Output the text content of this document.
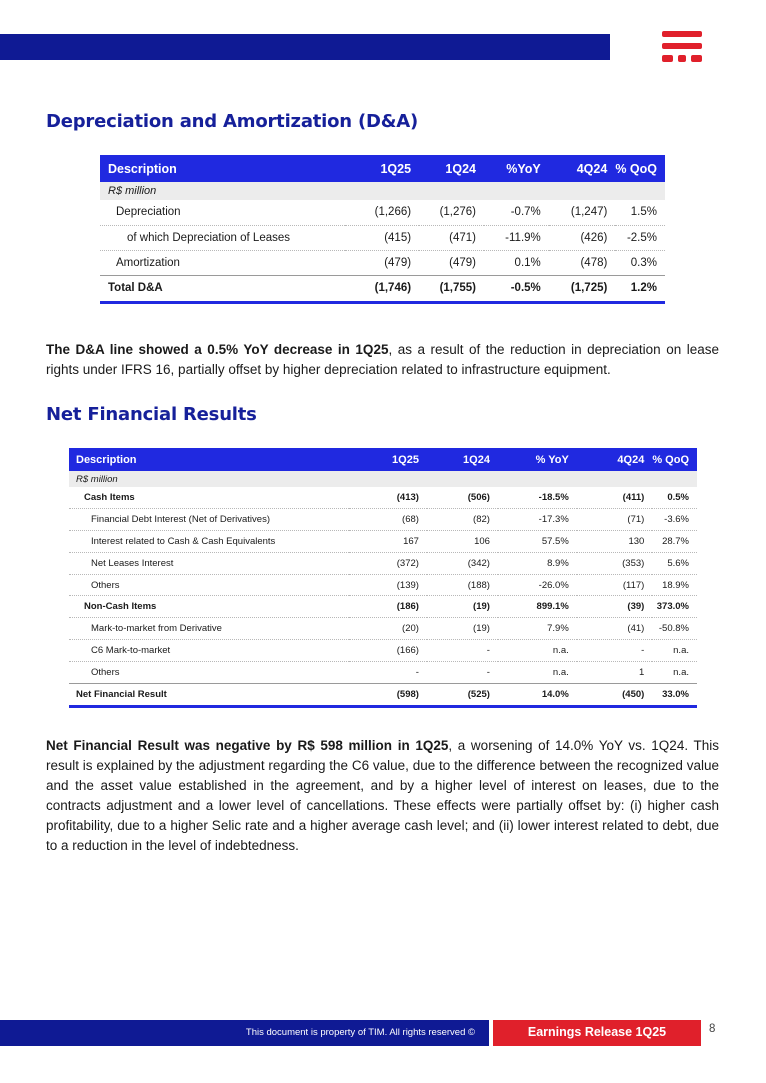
Depreciation and Amortization (D&A)
Description	1Q25	1Q24	%YoY	4Q24	% QoQ
R$ million					
Depreciation	(1,266)	(1,276)	-0.7%	(1,247)	1.5%
of which Depreciation of Leases	(415)	(471)	-11.9%	(426)	-2.5%
Amortization	(479)	(479)	0.1%	(478)	0.3%
Total D&A	(1,746)	(1,755)	-0.5%	(1,725)	1.2%

The D&A line showed a 0.5% YoY decrease in 1Q25, as a result of the reduction in depreciation on lease rights under IFRS 16, partially offset by higher depreciation related to infrastructure equipment.

Net Financial Results
Description	1Q25	1Q24	% YoY	4Q24	% QoQ
R$ million					
Cash Items	(413)	(506)	-18.5%	(411)	0.5%
Financial Debt Interest (Net of Derivatives)	(68)	(82)	-17.3%	(71)	-3.6%
Interest related to Cash & Cash Equivalents	167	106	57.5%	130	28.7%
Net Leases Interest	(372)	(342)	8.9%	(353)	5.6%
Others	(139)	(188)	-26.0%	(117)	18.9%
Non-Cash Items	(186)	(19)	899.1%	(39)	373.0%
Mark-to-market from Derivative	(20)	(19)	7.9%	(41)	-50.8%
C6 Mark-to-market	(166)	-	n.a.	-	n.a.
Others	-	-	n.a.	1	n.a.
Net Financial Result	(598)	(525)	14.0%	(450)	33.0%

Net Financial Result was negative by R$ 598 million in 1Q25, a worsening of 14.0% YoY vs. 1Q24. This result is explained by the adjustment regarding the C6 value, due to the difference between the recognized value and the asset value established in the agreement, and by a higher level of interest on leases, due to the contracts adjustment and a lower level of cancellations. These effects were partially offset by: (i) higher cash profitability, due to a higher Selic rate and a higher average cash level; and (ii) lower interest related to debt, due to a reduction in the level of indebtedness.

This document is property of TIM. All rights reserved ©	Earnings Release 1Q25	8
